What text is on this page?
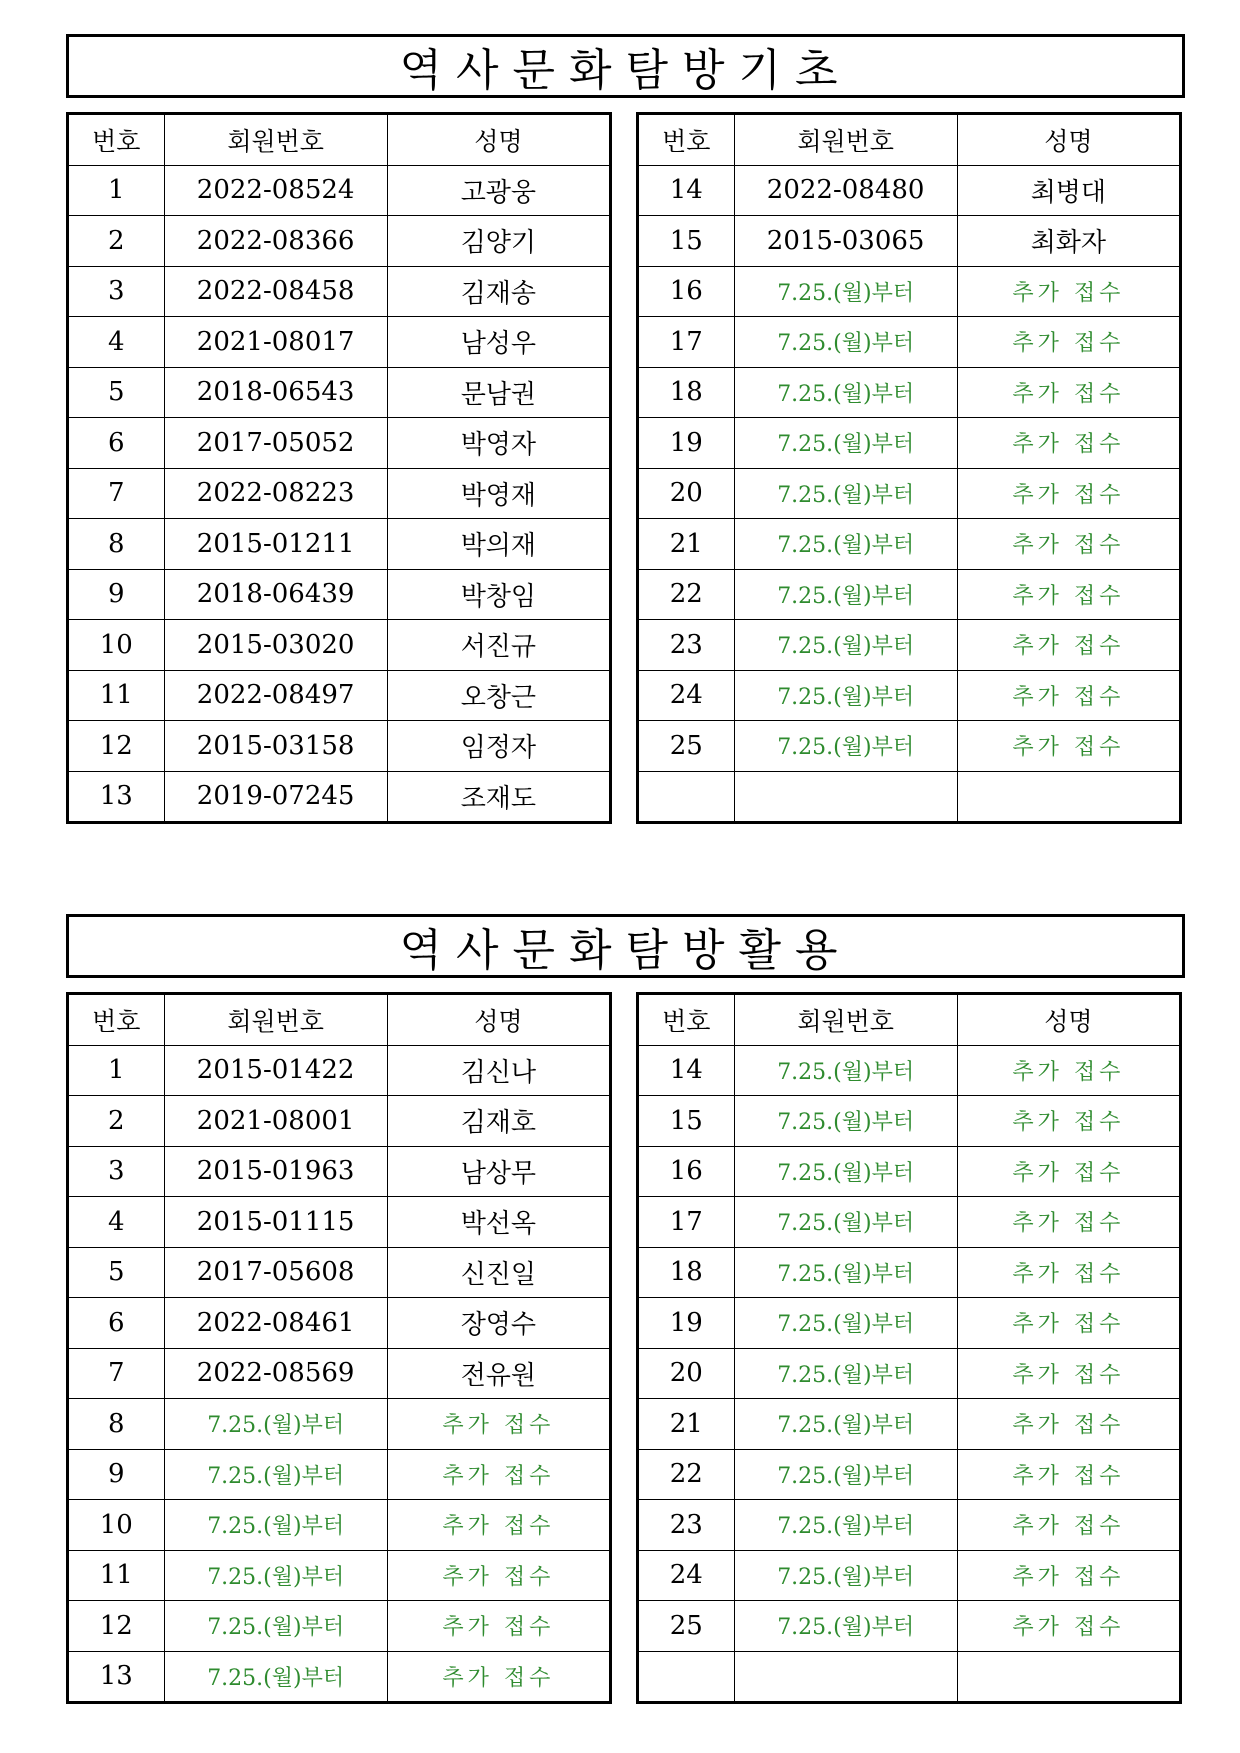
역사문화탐방기초
번호	회원번호	성명
1	2022-08524	고광웅
2	2022-08366	김양기
3	2022-08458	김재송
4	2021-08017	남성우
5	2018-06543	문남권
6	2017-05052	박영자
7	2022-08223	박영재
8	2015-01211	박의재
9	2018-06439	박창임
10	2015-03020	서진규
11	2022-08497	오창근
12	2015-03158	임정자
13	2019-07245	조재도
번호	회원번호	성명
14	2022-08480	최병대
15	2015-03065	최화자
16	7.25.(월)부터	추가 접수
17	7.25.(월)부터	추가 접수
18	7.25.(월)부터	추가 접수
19	7.25.(월)부터	추가 접수
20	7.25.(월)부터	추가 접수
21	7.25.(월)부터	추가 접수
22	7.25.(월)부터	추가 접수
23	7.25.(월)부터	추가 접수
24	7.25.(월)부터	추가 접수
25	7.25.(월)부터	추가 접수

역사문화탐방활용
번호	회원번호	성명
1	2015-01422	김신나
2	2021-08001	김재호
3	2015-01963	남상무
4	2015-01115	박선옥
5	2017-05608	신진일
6	2022-08461	장영수
7	2022-08569	전유원
8	7.25.(월)부터	추가 접수
9	7.25.(월)부터	추가 접수
10	7.25.(월)부터	추가 접수
11	7.25.(월)부터	추가 접수
12	7.25.(월)부터	추가 접수
13	7.25.(월)부터	추가 접수
번호	회원번호	성명
14	7.25.(월)부터	추가 접수
15	7.25.(월)부터	추가 접수
16	7.25.(월)부터	추가 접수
17	7.25.(월)부터	추가 접수
18	7.25.(월)부터	추가 접수
19	7.25.(월)부터	추가 접수
20	7.25.(월)부터	추가 접수
21	7.25.(월)부터	추가 접수
22	7.25.(월)부터	추가 접수
23	7.25.(월)부터	추가 접수
24	7.25.(월)부터	추가 접수
25	7.25.(월)부터	추가 접수
